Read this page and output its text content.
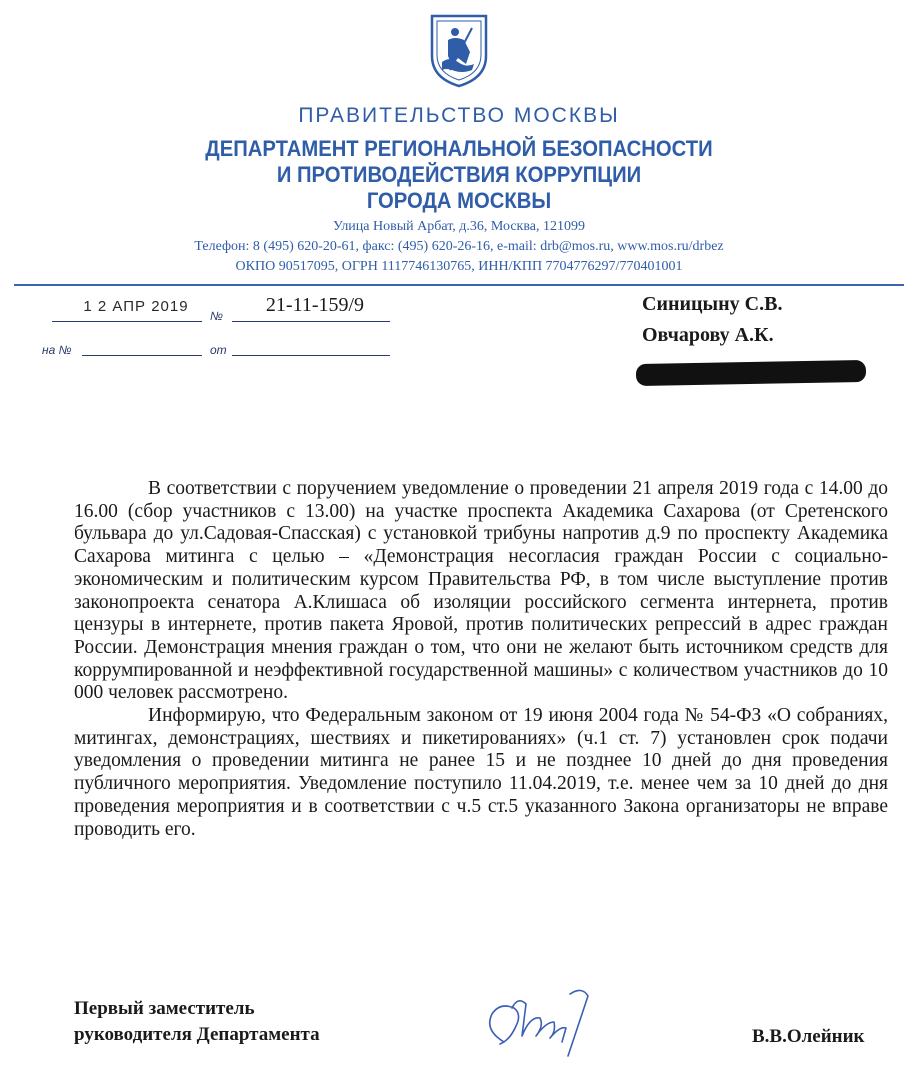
ПРАВИТЕЛЬСТВО МОСКВЫ
ДЕПАРТАМЕНТ РЕГИОНАЛЬНОЙ БЕЗОПАСНОСТИ
И ПРОТИВОДЕЙСТВИЯ КОРРУПЦИИ
ГОРОДА МОСКВЫ
Улица Новый Арбат, д.36, Москва, 121099
Телефон: 8 (495) 620-20-61, факс: (495) 620-26-16, e-mail: drb@mos.ru, www.mos.ru/drbez
ОКПО 90517095, ОГРН 1117746130765, ИНН/КПП 7704776297/770401001
1 2 АПР 2019
№	21-11-159/9
на №	от
Синицыну С.В.
Овчарову А.К.

В соответствии с поручением уведомление о проведении 21 апреля 2019 года с 14.00 до 16.00 (сбор участников с 13.00) на участке проспекта Академика Сахарова (от Сретенского бульвара до ул.Садовая-Спасская) с установкой трибуны напротив д.9 по проспекту Академика Сахарова митинга с целью – «Демонстрация несогласия граждан России с социально-экономическим и политическим курсом Правительства РФ, в том числе выступление против законопроекта сенатора А.Клишаса об изоляции российского сегмента интернета, против цензуры в интернете, против пакета Яровой, против политических репрессий в адрес граждан России. Демонстрация мнения граждан о том, что они не желают быть источником средств для коррумпированной и неэффективной государственной машины» с количеством участников до 10 000 человек рассмотрено.

Информирую, что Федеральным законом от 19 июня 2004 года № 54-ФЗ «О собраниях, митингах, демонстрациях, шествиях и пикетированиях» (ч.1 ст. 7) установлен срок подачи уведомления о проведении митинга не ранее 15 и не позднее 10 дней до дня проведения публичного мероприятия. Уведомление поступило 11.04.2019, т.е. менее чем за 10 дней до дня проведения мероприятия и в соответствии с ч.5 ст.5 указанного Закона организаторы не вправе проводить его.

Первый заместитель
руководителя Департамента	В.В.Олейник
